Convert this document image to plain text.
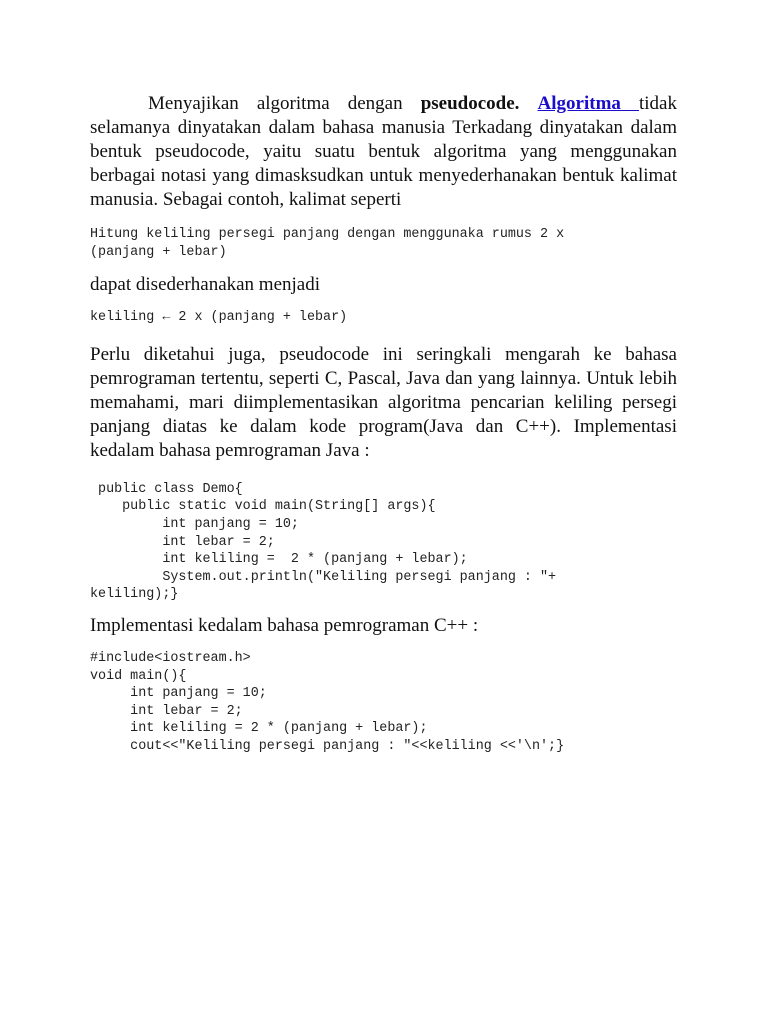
Menyajikan algoritma dengan pseudocode. Algoritma tidak selamanya dinyatakan dalam bahasa manusia Terkadang dinyatakan dalam bentuk pseudocode, yaitu suatu bentuk algoritma yang menggunakan berbagai notasi yang dimasksudkan untuk menyederhanakan bentuk kalimat manusia. Sebagai contoh, kalimat seperti

Hitung keliling persegi panjang dengan menggunaka rumus 2 x
(panjang + lebar)

dapat disederhanakan menjadi

keliling ← 2 x (panjang + lebar)

Perlu diketahui juga, pseudocode ini seringkali mengarah ke bahasa pemrograman tertentu, seperti C, Pascal, Java dan yang lainnya. Untuk lebih memahami, mari diimplementasikan algoritma pencarian keliling persegi panjang diatas ke dalam kode program(Java dan C++). Implementasi kedalam bahasa pemrograman Java :

public class Demo{
public static void main(String[] args){
int panjang = 10;
int lebar = 2;
int keliling =  2 * (panjang + lebar);
System.out.println("Keliling persegi panjang : "+
keliling);}

Implementasi kedalam bahasa pemrograman C++ :

#include<iostream.h>
void main(){
int panjang = 10;
int lebar = 2;
int keliling = 2 * (panjang + lebar);
cout<<"Keliling persegi panjang : "<<keliling <<'\n';}
